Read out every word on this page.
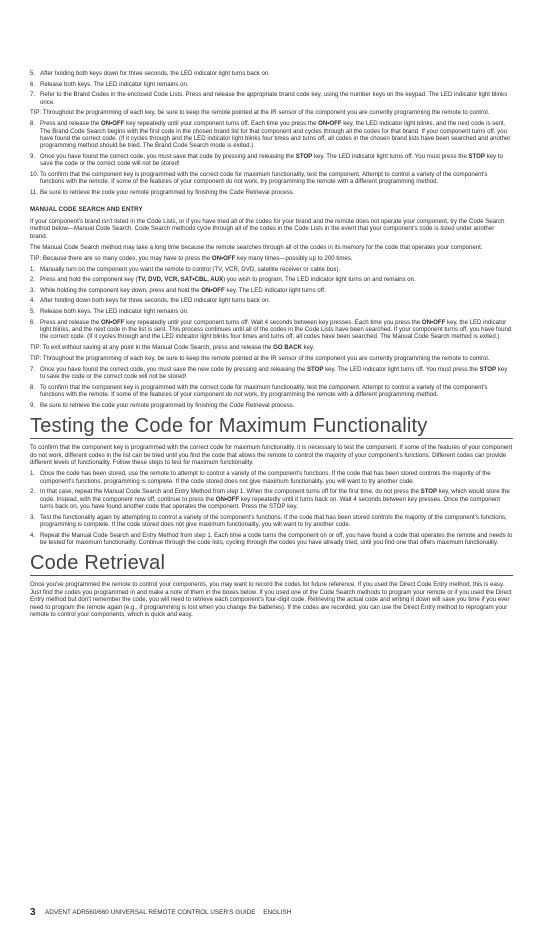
5. After holding both keys down for three seconds, the LED indicator light turns back on.
6. Release both keys. The LED indicator light remains on.
7. Refer to the Brand Codes in the enclosed Code Lists. Press and release the appropriate brand code key, using the number keys on the keypad. The LED indicator light blinks once.

TIP: Throughout the programming of each key, be sure to keep the remote pointed at the IR sensor of the component you are currently programming the remote to control.

8. Press and release the ON•OFF key repeatedly until your component turns off. Each time you press the ON•OFF key, the LED indicator light blinks, and the next code is sent. The Brand Code Search begins with the first code in the chosen brand list for that component and cycles through all the codes for that brand. If your component turns off, you have found the correct code. (If it cycles through and the LED indicator light blinks four times and turns off, all codes in the chosen brand lists have been searched and another programming method should be tried. The Brand Code Search mode is exited.)
9. Once you have found the correct code, you must save that code by pressing and releasing the STOP key. The LED indicator light turns off. You must press the STOP key to save the code or the correct code will not be stored!
10. To confirm that the component key is programmed with the correct code for maximum functionality, test the component. Attempt to control a variety of the component's functions with the remote. If some of the features of your component do not work, try programming the remote with a different programming method.
11. Be sure to retrieve the code your remote programmed by finishing the Code Retrieval process.
MANUAL CODE SEARCH AND ENTRY

If your component's brand isn't listed in the Code Lists, or if you have tried all of the codes for your brand and the remote does not operate your component, try the Code Search method below—Manual Code Search. Code Search methods cycle through all of the codes in the Code Lists in the event that your component's code is listed under another brand.

The Manual Code Search method may take a long time because the remote searches through all of the codes in its memory for the code that operates your component.

TIP: Because there are so many codes, you may have to press the ON•OFF key many times—possibly up to 200 times.

1. Manually turn on the component you want the remote to control (TV, VCR, DVD, satellite receiver or cable box).
2. Press and hold the component key (TV, DVD, VCR, SAT•CBL, AUX) you wish to program. The LED indicator light turns on and remains on.
3. While holding the component key down, press and hold the ON•OFF key. The LED indicator light turns off.
4. After holding down both keys for three seconds, the LED indicator light turns back on.
5. Release both keys. The LED indicator light remains on.
6. Press and release the ON•OFF key repeatedly until your component turns off. Wait 4 seconds between key presses. Each time you press the ON•OFF key, the LED indicator light blinks, and the next code in the list is sent. This process continues until all of the codes in the Code Lists have been searched. If your component turns off, you have found the correct code. (If it cycles through and the LED indicator light blinks four times and turns off, all codes have been searched. The Manual Code Search method is exited.)

TIP: To exit without saving at any point in the Manual Code Search, press and release the GO BACK key.

TIP: Throughout the programming of each key, be sure to keep the remote pointed at the IR sensor of the component you are currently programming the remote to control.

7. Once you have found the correct code, you must save the new code by pressing and releasing the STOP key. The LED indicator light turns off. You must press the STOP key to save the code or the correct code will not be stored!
8. To confirm that the component key is programmed with the correct code for maximum functionality, test the component. Attempt to control a variety of the component's functions with the remote. If some of the features of your component do not work, try programming the remote with a different programming method.
9. Be sure to retrieve the code your remote programmed by finishing the Code Retrieval process.
Testing the Code for Maximum Functionality

To confirm that the component key is programmed with the correct code for maximum functionality, it is necessary to test the component. If some of the features of your component do not work, different codes in the list can be tried until you find the code that allows the remote to control the majority of your component's functions. Different codes can provide different levels of functionality. Follow these steps to test for maximum functionality.

1. Once the code has been stored, use the remote to attempt to control a variety of the component's functions. If the code that has been stored controls the majority of the component's functions, programming is complete. If the code stored does not give maximum functionality, you will want to try another code.
2. In that case, repeat the Manual Code Search and Entry Method from step 1. When the component turns off for the first time, do not press the STOP key, which would store the code. Instead, with the component now off, continue to press the ON•OFF key repeatedly until it turns back on. Wait 4 seconds between key presses. Once the component turns back on, you have found another code that operates the component. Press the STOP key.
3. Test the functionality again by attempting to control a variety of the component's functions. If the code that has been stored controls the majority of the component's functions, programming is complete. If the code stored does not give maximum functionality, you will want to try another code.
4. Repeat the Manual Code Search and Entry Method from step 1. Each time a code turns the component on or off, you have found a code that operates the remote and needs to be tested for maximum functionality. Continue through the code lists, cycling through the codes you have already tried, until you find one that offers maximum functionality.
Code Retrieval

Once you've programmed the remote to control your components, you may want to record the codes for future reference. If you used the Direct Code Entry method, this is easy. Just find the codes you programmed in and make a note of them in the boxes below. If you used one of the Code Search methods to program your remote or if you used the Direct Entry method but don't remember the code, you will need to retrieve each component's four-digit code. Retrieving the actual code and writing it down will save you time if you ever need to program the remote again (e.g., if programming is lost when you change the batteries). If the codes are recorded, you can use the Direct Entry method to reprogram your remote to control your components, which is quick and easy.

3 ADVENT ADR560/660 UNIVERSAL REMOTE CONTROL USER'S GUIDE ENGLISH
